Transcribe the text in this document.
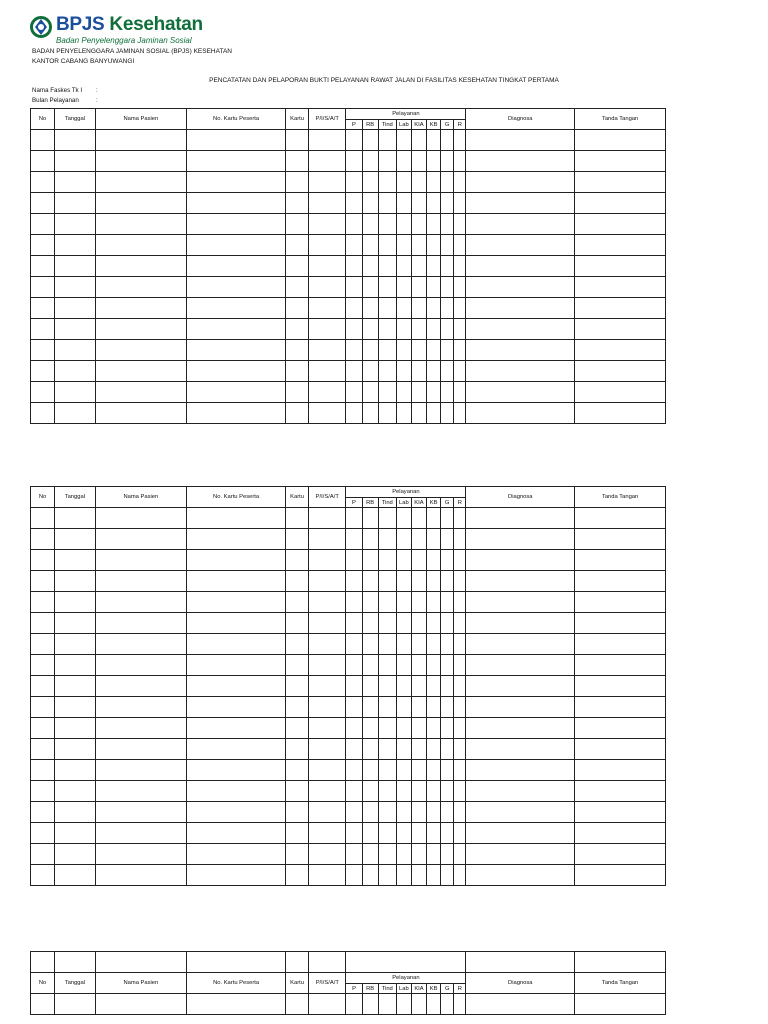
BPJS Kesehatan
Badan Penyelenggara Jaminan Sosial
BADAN PENYELENGGARA JAMINAN SOSIAL (BPJS) KESEHATAN
KANTOR CABANG BANYUWANGI
PENCATATAN DAN PELAPORAN BUKTI PELAYANAN RAWAT JALAN DI FASILITAS KESEHATAN TINGKAT PERTAMA
Nama Faskes Tk I :
Bulan Pelayanan	:
No	Tanggal	Nama Pasien	No. Kartu Peserta	Kartu	P/I/S/A/T	Pelayanan								Diagnosa	Tanda Tangan
						P	RB	Tind	Lab	KIA	KB	G	R		

No	Tanggal	Nama Pasien	No. Kartu Peserta	Kartu	P/I/S/A/T	Pelayanan								Diagnosa	Tanda Tangan
						P	RB	Tind	Lab	KIA	KB	G	R		

No	Tanggal	Nama Pasien	No. Kartu Peserta	Kartu	P/I/S/A/T	Pelayanan								Diagnosa	Tanda Tangan
						P	RB	Tind	Lab	KIA	KB	G	R		
